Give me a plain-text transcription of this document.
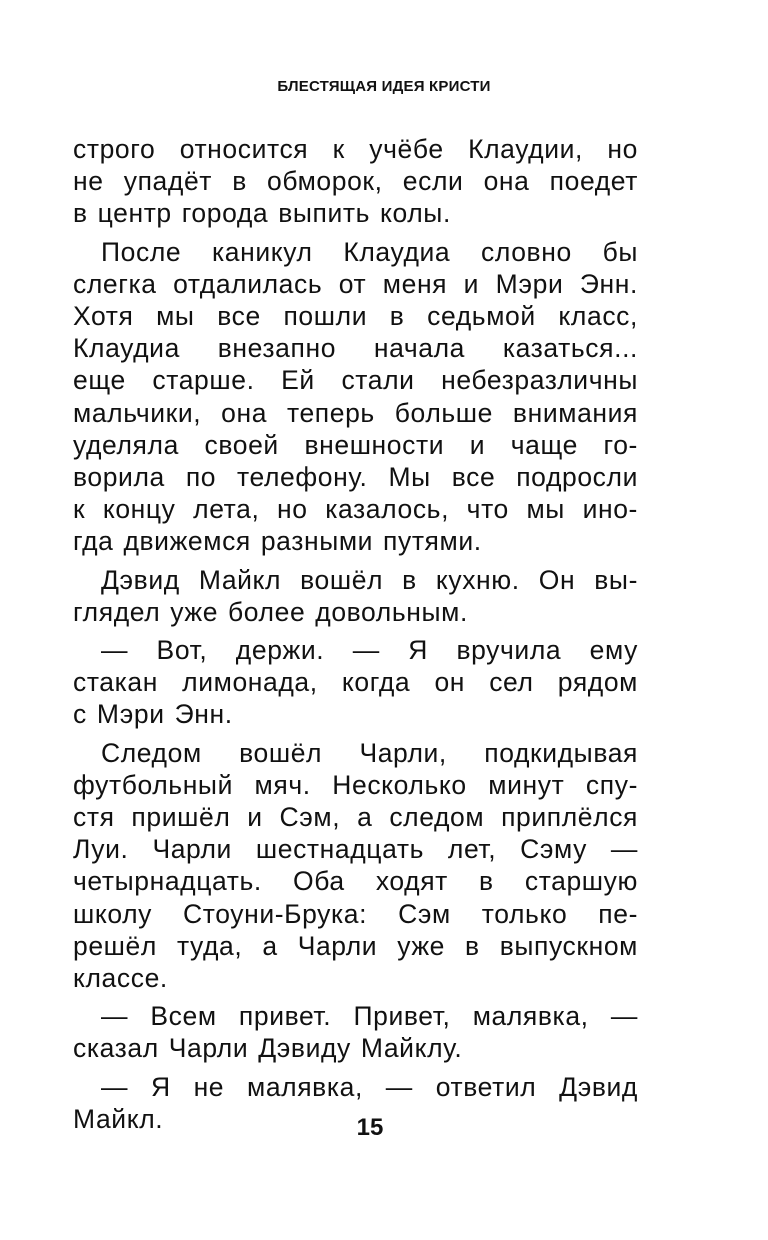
БЛЕСТЯЩАЯ ИДЕЯ КРИСТИ
строго относится к учёбе Клаудии, но
не упадёт в обморок, если она поедет
в центр города выпить колы.
После каникул Клаудиа словно бы
слегка отдалилась от меня и Мэри Энн.
Хотя мы все пошли в седьмой класс,
Клаудиа внезапно начала казаться...
еще старше. Ей стали небезразличны
мальчики, она теперь больше внимания
уделяла своей внешности и чаще го-
ворила по телефону. Мы все подросли
к концу лета, но казалось, что мы ино-
гда движемся разными путями.
Дэвид Майкл вошёл в кухню. Он вы-
глядел уже более довольным.
— Вот, держи. — Я вручила ему
стакан лимонада, когда он сел рядом
с Мэри Энн.
Следом вошёл Чарли, подкидывая
футбольный мяч. Несколько минут спу-
стя пришёл и Сэм, а следом приплёлся
Луи. Чарли шестнадцать лет, Сэму —
четырнадцать. Оба ходят в старшую
школу Стоуни-Брука: Сэм только пе-
решёл туда, а Чарли уже в выпускном
классе.
— Всем привет. Привет, малявка, —
сказал Чарли Дэвиду Майклу.
— Я не малявка, — ответил Дэвид
Майкл.	15
